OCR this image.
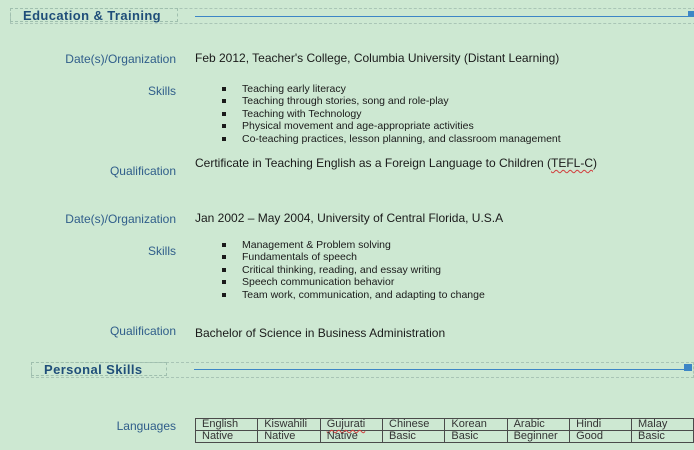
Education & Training
Date(s)/Organization Feb 2012, Teacher's College, Columbia University (Distant Learning)
Skills	Teaching early literacy
Teaching through stories, song and role-play
Teaching with Technology
Physical movement and age-appropriate activities
Co-teaching practices, lesson planning, and classroom management
Qualification
Certificate in Teaching English as a Foreign Language to Children (TEFL-C)
Date(s)/Organization Jan 2002 – May 2004, University of Central Florida, U.S.A
Skills	Management & Problem solving
Fundamentals of speech
Critical thinking, reading, and essay writing
Speech communication behavior
Team work, communication, and adapting to change
Qualification Bachelor of Science in Business Administration
Personal Skills
Languages English	Kiswahili	Gujurati	Chinese	Korean	Arabic	Hindi	Malay
Native	Native	Native	Basic	Basic	Beginner	Good	Basic
